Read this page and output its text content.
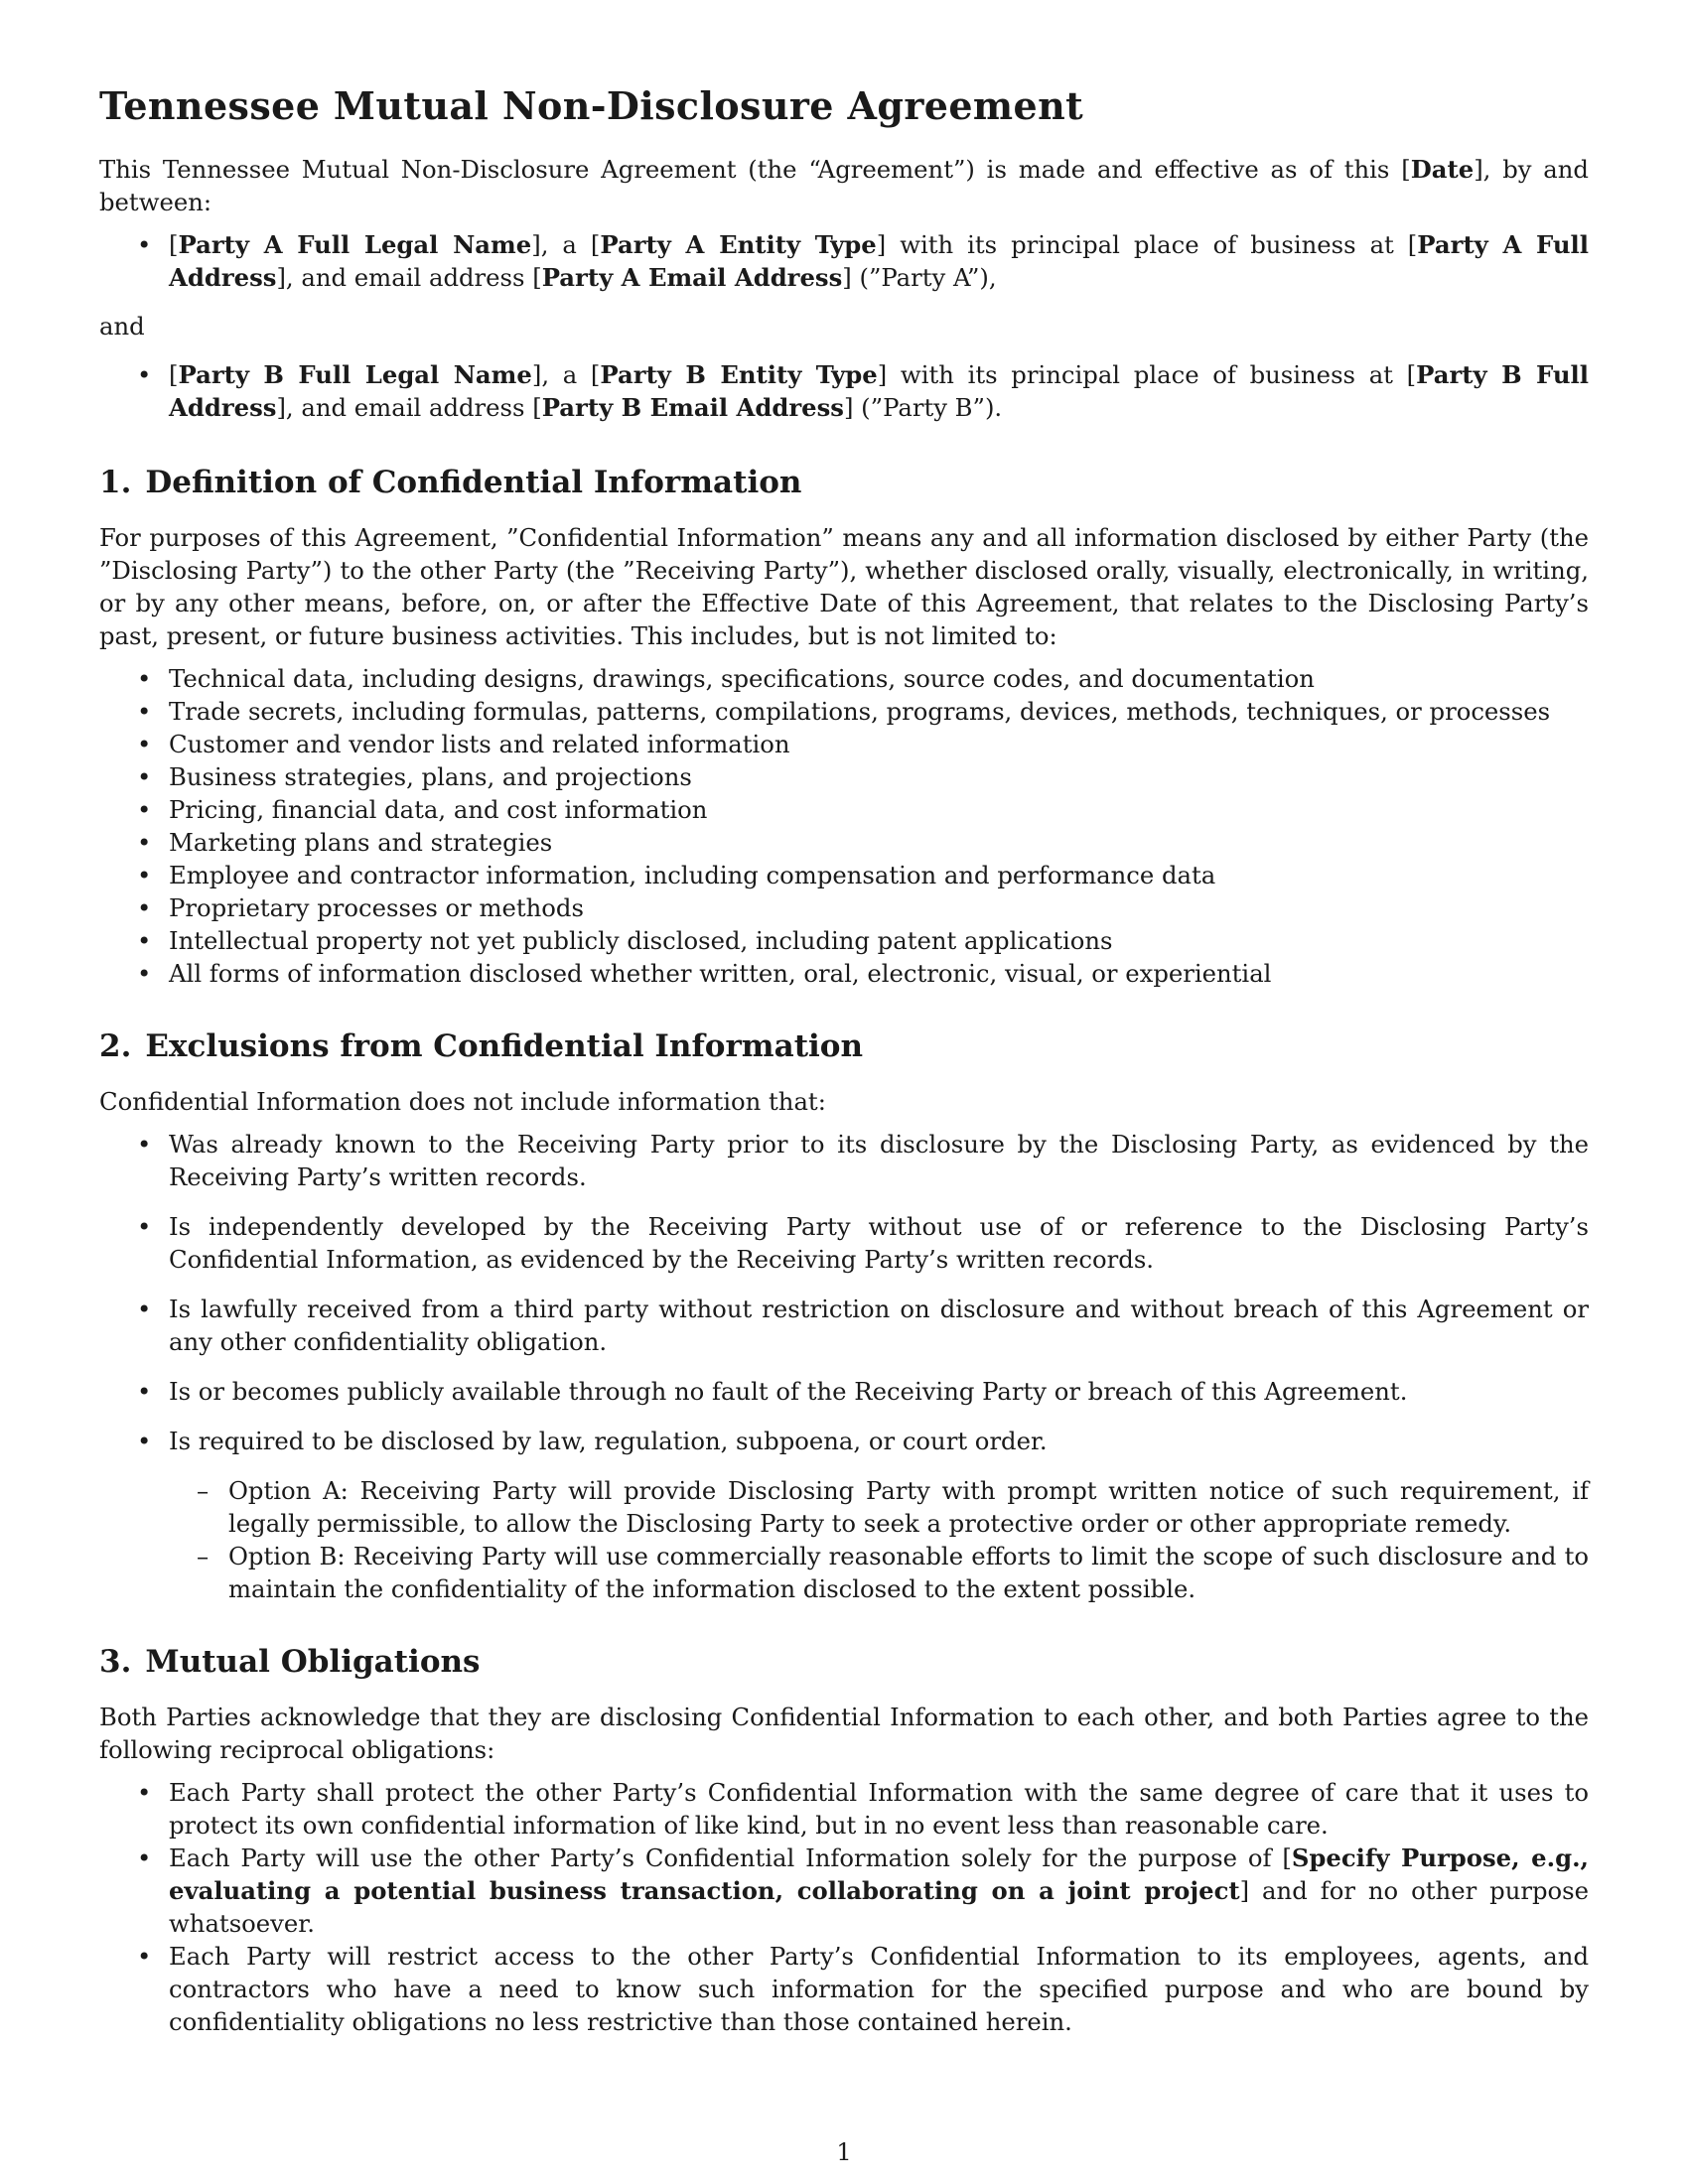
Tennessee Mutual Non-Disclosure Agreement

This Tennessee Mutual Non-Disclosure Agreement (the “Agreement”) is made and effective as of this [Date], by and between:

• [Party A Full Legal Name], a [Party A Entity Type] with its principal place of business at [Party A Full Address], and email address [Party A Email Address] (”Party A”),

and

• [Party B Full Legal Name], a [Party B Entity Type] with its principal place of business at [Party B Full Address], and email address [Party B Email Address] (”Party B”).
1. Definition of Confidential Information

For purposes of this Agreement, ”Confidential Information” means any and all information disclosed by either Party (the ”Disclosing Party”) to the other Party (the ”Receiving Party”), whether disclosed orally, visually, electronically, in writing, or by any other means, before, on, or after the Effective Date of this Agreement, that relates to the Disclosing Party’s past, present, or future business activities. This includes, but is not limited to:

• Technical data, including designs, drawings, specifications, source codes, and documentation
• Trade secrets, including formulas, patterns, compilations, programs, devices, methods, techniques, or processes
• Customer and vendor lists and related information
• Business strategies, plans, and projections
• Pricing, financial data, and cost information
• Marketing plans and strategies
• Employee and contractor information, including compensation and performance data
• Proprietary processes or methods
• Intellectual property not yet publicly disclosed, including patent applications
• All forms of information disclosed whether written, oral, electronic, visual, or experiential
2. Exclusions from Confidential Information

Confidential Information does not include information that:

• Was already known to the Receiving Party prior to its disclosure by the Disclosing Party, as evidenced by the Receiving Party’s written records.
• Is independently developed by the Receiving Party without use of or reference to the Disclosing Party’s Confidential Information, as evidenced by the Receiving Party’s written records.
• Is lawfully received from a third party without restriction on disclosure and without breach of this Agreement or any other confidentiality obligation.
• Is or becomes publicly available through no fault of the Receiving Party or breach of this Agreement.
• Is required to be disclosed by law, regulation, subpoena, or court order.
– Option A: Receiving Party will provide Disclosing Party with prompt written notice of such requirement, if legally permissible, to allow the Disclosing Party to seek a protective order or other appropriate remedy.
– Option B: Receiving Party will use commercially reasonable efforts to limit the scope of such disclosure and to maintain the confidentiality of the information disclosed to the extent possible.
3. Mutual Obligations

Both Parties acknowledge that they are disclosing Confidential Information to each other, and both Parties agree to the following reciprocal obligations:

• Each Party shall protect the other Party’s Confidential Information with the same degree of care that it uses to protect its own confidential information of like kind, but in no event less than reasonable care.
• Each Party will use the other Party’s Confidential Information solely for the purpose of [Specify Purpose, e.g., evaluating a potential business transaction, collaborating on a joint project] and for no other purpose whatsoever.
• Each Party will restrict access to the other Party’s Confidential Information to its employees, agents, and contractors who have a need to know such information for the specified purpose and who are bound by confidentiality obligations no less restrictive than those contained herein.
1
